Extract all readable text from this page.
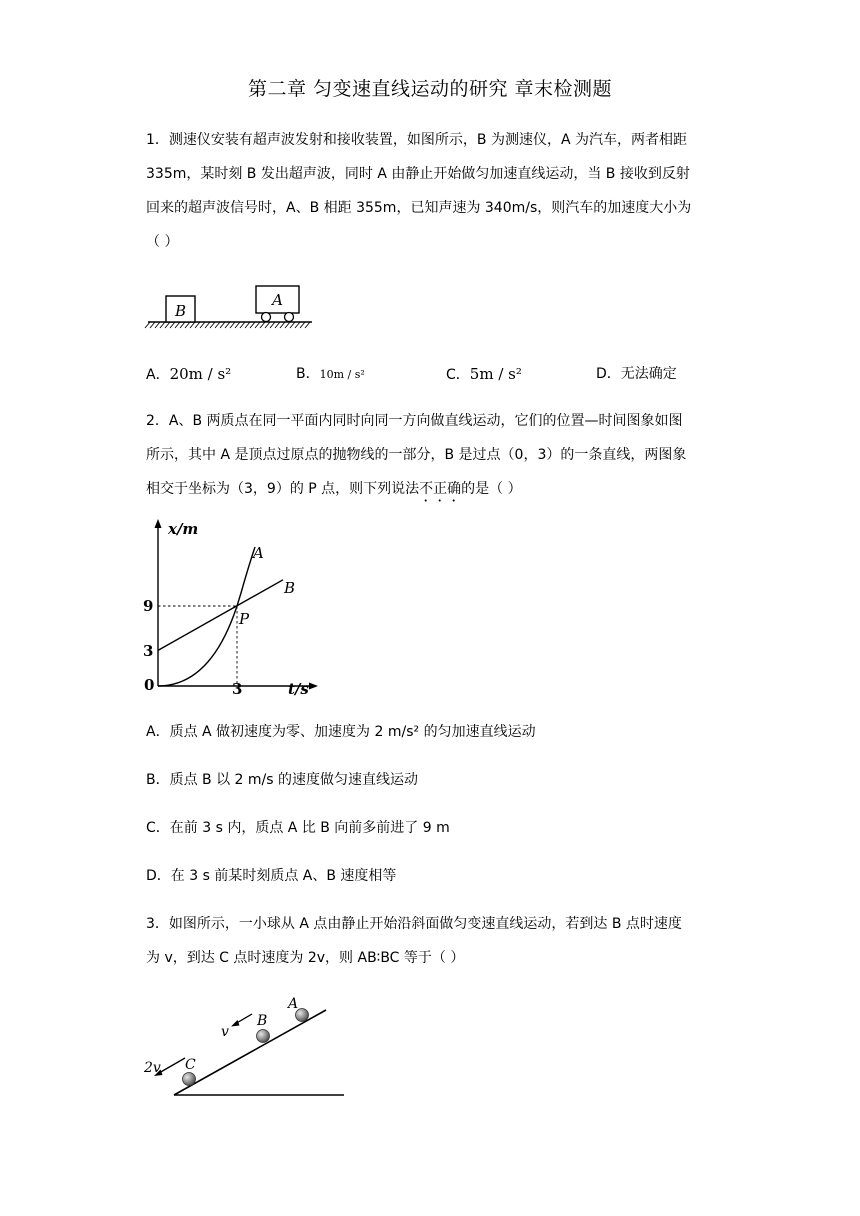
第二章 匀变速直线运动的研究 章末检测题
1．测速仪安装有超声波发射和接收装置，如图所示，B 为测速仪，A 为汽车，两者相距
335m，某时刻 B 发出超声波，同时 A 由静止开始做匀加速直线运动，当 B 接收到反射
回来的超声波信号时，A、B 相距 355m，已知声速为 340m/s，则汽车的加速度大小为
（ ）
B
A
A．20m / s²	B．10m / s²	C．5m / s²	D．无法确定
2．A、B 两质点在同一平面内同时向同一方向做直线运动，它们的位置—时间图象如图
所示，其中 A 是顶点过原点的抛物线的一部分，B 是过点（0，3）的一条直线，两图象
相交于坐标为（3，9）的 P 点，则下列说法不正确的是（ ）
x/m
t/s
0
9
3
3
A
B
P
A．质点 A 做初速度为零、加速度为 2 m/s² 的匀加速直线运动
B．质点 B 以 2 m/s 的速度做匀速直线运动
C．在前 3 s 内，质点 A 比 B 向前多前进了 9 m
D．在 3 s 前某时刻质点 A、B 速度相等
3．如图所示，一小球从 A 点由静止开始沿斜面做匀变速直线运动，若到达 B 点时速度
为 v，到达 C 点时速度为 2v，则 AB∶BC 等于（ ）
A
B
C
v
2v
